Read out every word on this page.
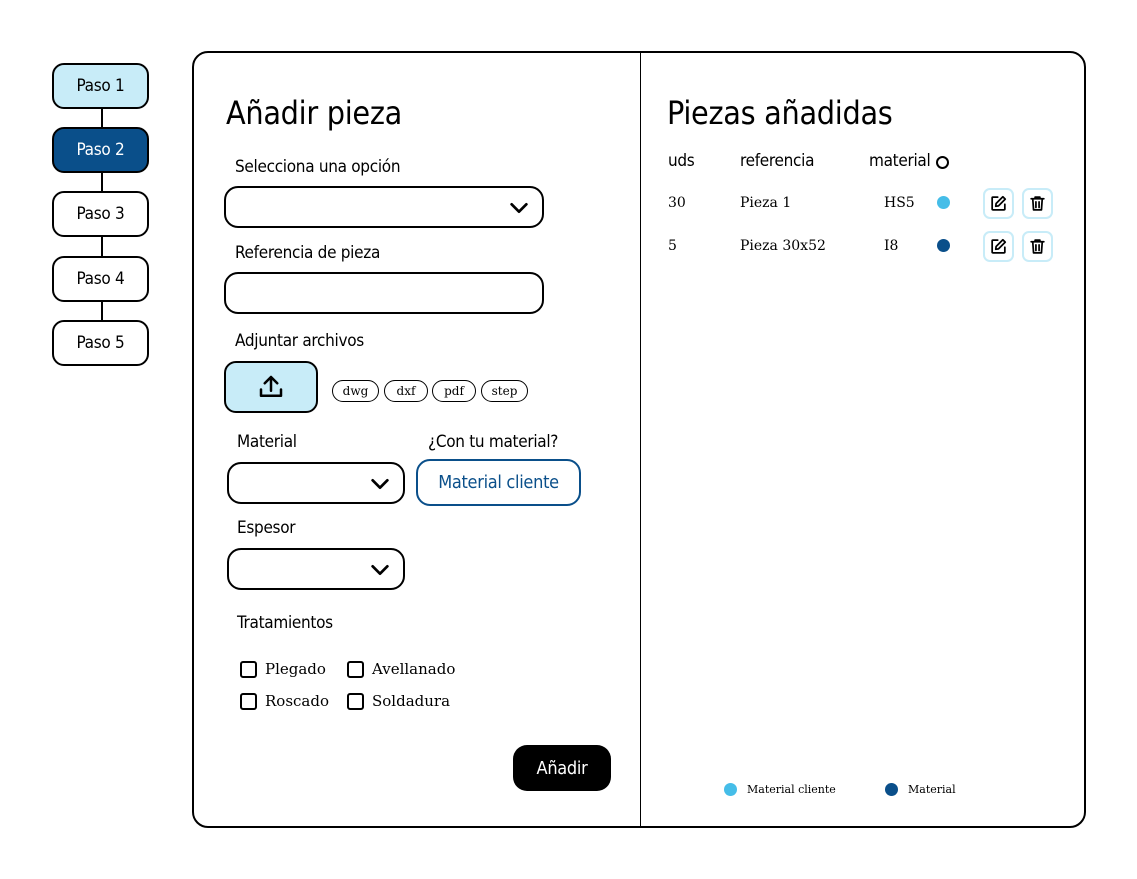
Paso 1
Paso 2
Paso 3
Paso 4
Paso 5
Añadir pieza
Selecciona una opción
Referencia de pieza
Adjuntar archivos
dwg	dxf	pdf	step
Material	¿Con tu material?
Material cliente
Espesor
Tratamientos
Plegado	Avellanado
Roscado	Soldadura
Añadir
Piezas añadidas
uds	referencia	material
30	Pieza 1	HS5
5	Pieza 30x52	I8
Material cliente	Material
